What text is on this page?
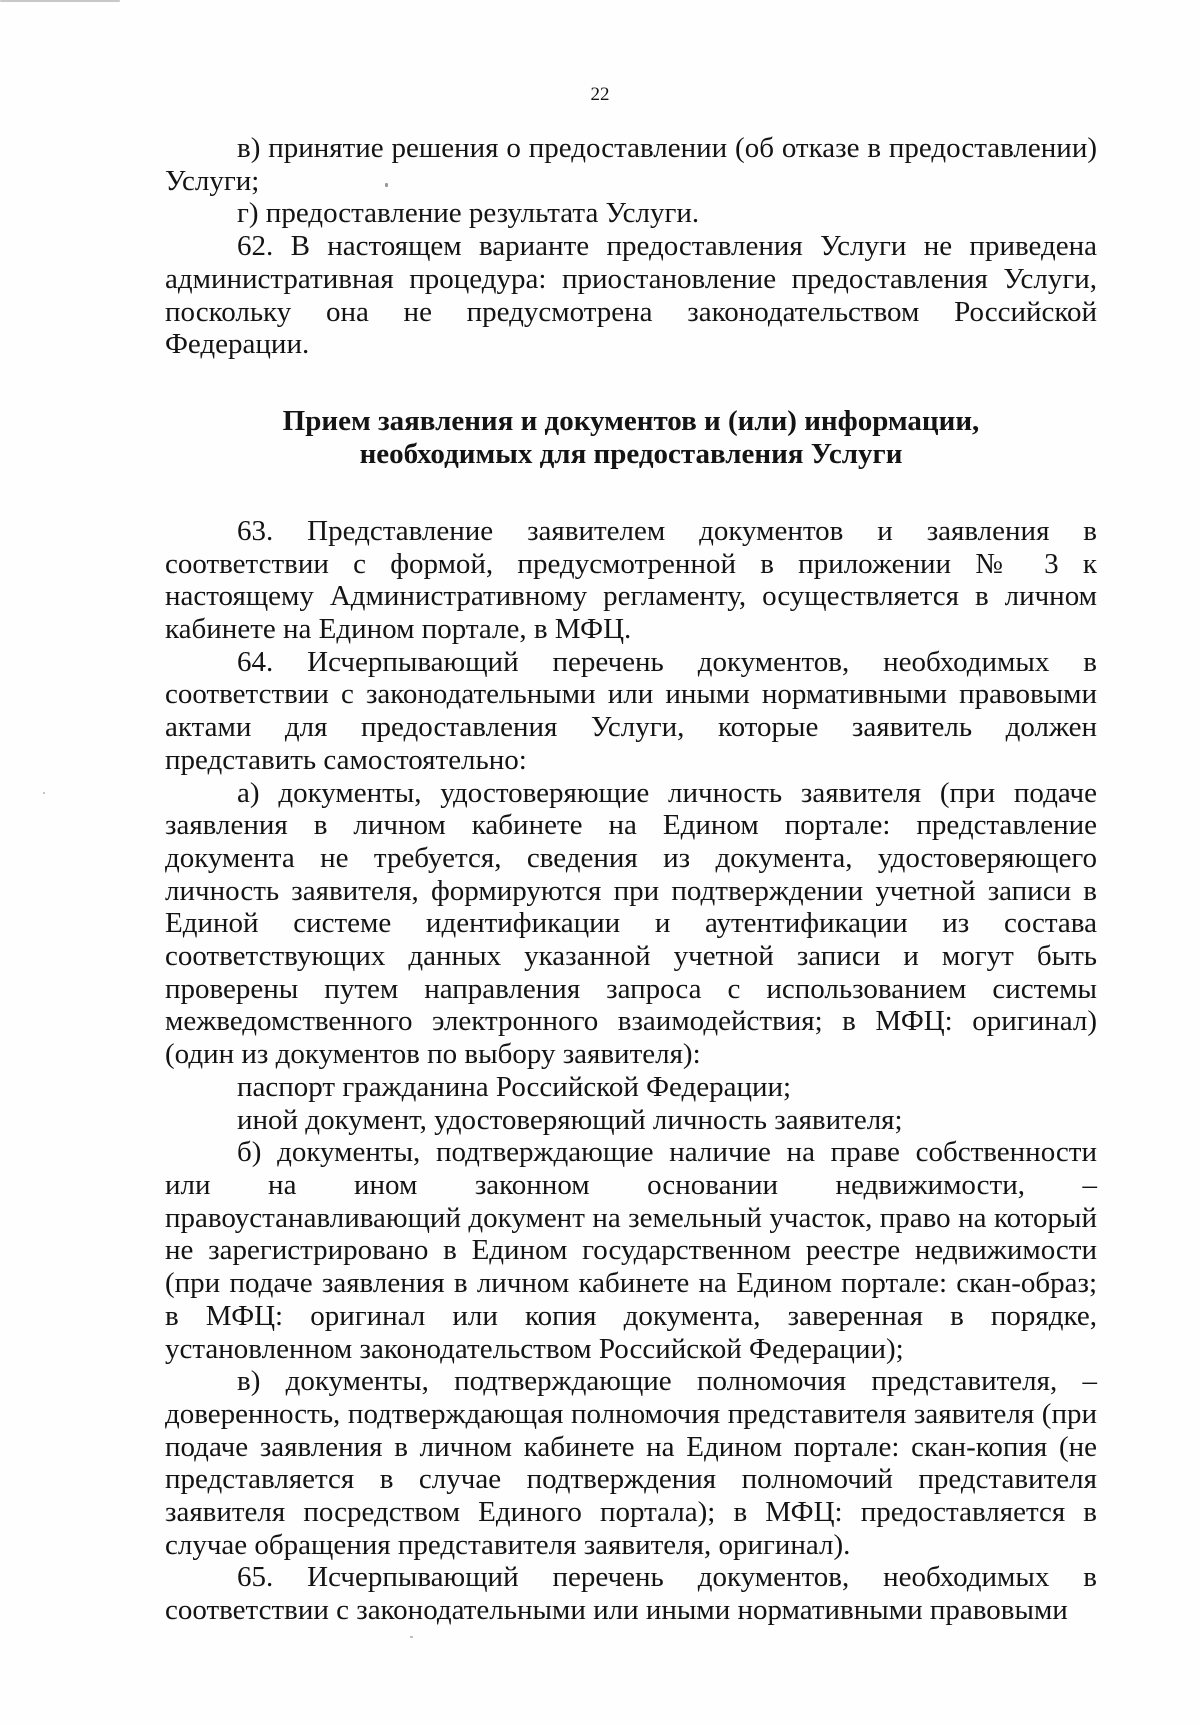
22

в) принятие решения о предоставлении (об отказе в предоставлении) Услуги;

г) предоставление результата Услуги.

62. В настоящем варианте предоставления Услуги не приведена административная процедура: приостановление предоставления Услуги, поскольку она не предусмотрена законодательством Российской Федерации.

Прием заявления и документов и (или) информации,
необходимых для предоставления Услуги

63. Представление заявителем документов и заявления в соответствии с формой, предусмотренной в приложении № 3 к настоящему Административному регламенту, осуществляется в личном кабинете на Едином портале, в МФЦ.

64. Исчерпывающий перечень документов, необходимых в соответствии с законодательными или иными нормативными правовыми актами для предоставления Услуги, которые заявитель должен представить самостоятельно:

а) документы, удостоверяющие личность заявителя (при подаче заявления в личном кабинете на Едином портале: представление документа не требуется, сведения из документа, удостоверяющего личность заявителя, формируются при подтверждении учетной записи в Единой системе идентификации и аутентификации из состава соответствующих данных указанной учетной записи и могут быть проверены путем направления запроса с использованием системы межведомственного электронного взаимодействия; в МФЦ: оригинал) (один из документов по выбору заявителя):

паспорт гражданина Российской Федерации;

иной документ, удостоверяющий личность заявителя;

б) документы, подтверждающие наличие на праве собственности или на ином законном основании недвижимости, – правоустанавливающий документ на земельный участок, право на который не зарегистрировано в Едином государственном реестре недвижимости (при подаче заявления в личном кабинете на Едином портале: скан-образ; в МФЦ: оригинал или копия документа, заверенная в порядке, установленном законодательством Российской Федерации);

в) документы, подтверждающие полномочия представителя, – доверенность, подтверждающая полномочия представителя заявителя (при подаче заявления в личном кабинете на Едином портале: скан-копия (не представляется в случае подтверждения полномочий представителя заявителя посредством Единого портала); в МФЦ: предоставляется в случае обращения представителя заявителя, оригинал).

65. Исчерпывающий перечень документов, необходимых в соответствии с законодательными или иными нормативными правовыми
